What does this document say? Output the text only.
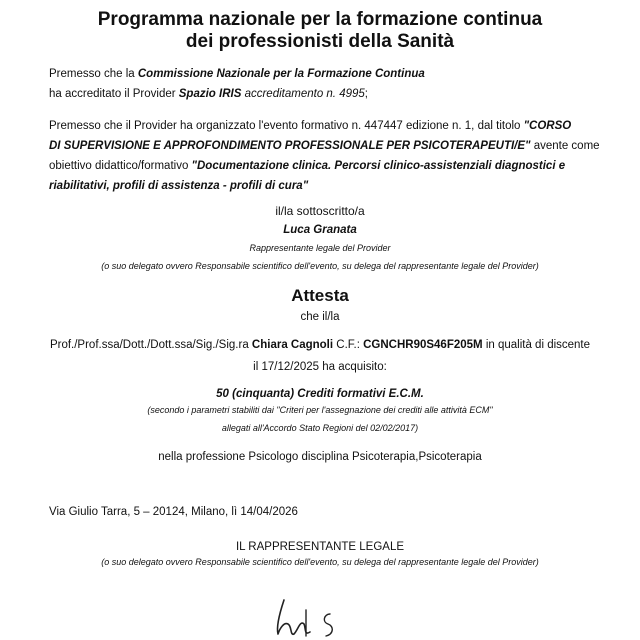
Programma nazionale per la formazione continua
dei professionisti della Sanità
Premesso che la Commissione Nazionale per la Formazione Continua
ha accreditato il Provider Spazio IRIS accreditamento n. 4995;
Premesso che il Provider ha organizzato l'evento formativo n. 447447 edizione n. 1, dal titolo "CORSO
DI SUPERVISIONE E APPROFONDIMENTO PROFESSIONALE PER PSICOTERAPEUTI/E" avente come
obiettivo didattico/formativo "Documentazione clinica. Percorsi clinico-assistenziali diagnostici e
riabilitativi, profili di assistenza - profili di cura"
il/la sottoscritto/a
Luca Granata
Rappresentante legale del Provider
(o suo delegato ovvero Responsabile scientifico dell'evento, su delega del rappresentante legale del Provider)
Attesta
che il/la
Prof./Prof.ssa/Dott./Dott.ssa/Sig./Sig.ra Chiara Cagnoli C.F.: CGNCHR90S46F205M in qualità di discente
il 17/12/2025 ha acquisito:
50 (cinquanta) Crediti formativi E.C.M.
(secondo i parametri stabiliti dai "Criteri per l'assegnazione dei crediti alle attività ECM"
allegati all'Accordo Stato Regioni del 02/02/2017)
nella professione Psicologo disciplina Psicoterapia,Psicoterapia
Via Giulio Tarra, 5 – 20124, Milano, lì 14/04/2026
IL RAPPRESENTANTE LEGALE
(o suo delegato ovvero Responsabile scientifico dell'evento, su delega del rappresentante legale del Provider)
